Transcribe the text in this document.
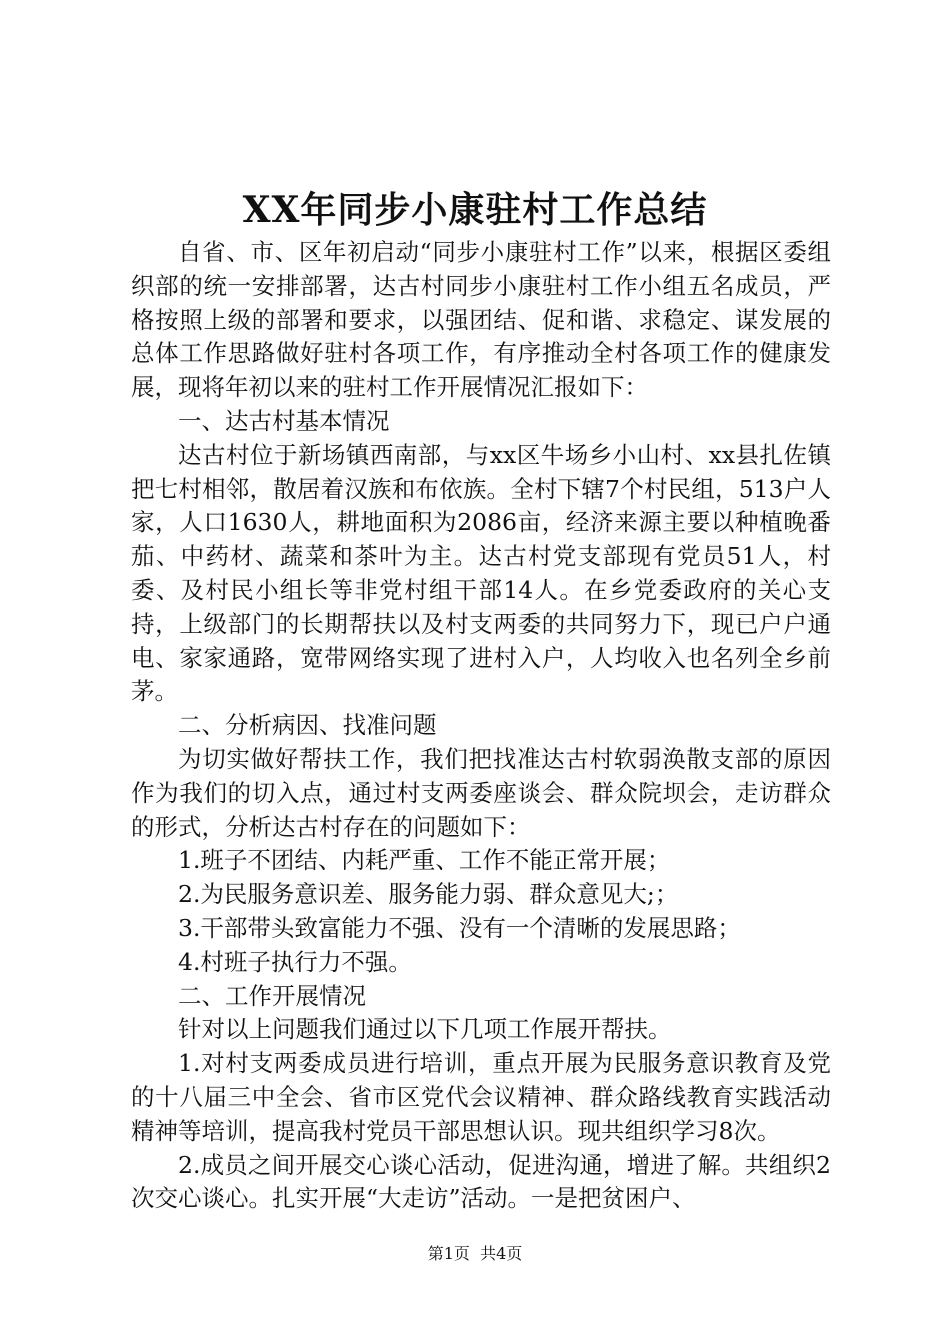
XX年同步小康驻村工作总结

自省、市、区年初启动“同步小康驻村工作”以来，根据区委组织部的统一安排部署，达古村同步小康驻村工作小组五名成员，严格按照上级的部署和要求，以强团结、促和谐、求稳定、谋发展的总体工作思路做好驻村各项工作，有序推动全村各项工作的健康发展，现将年初以来的驻村工作开展情况汇报如下：

一、达古村基本情况

达古村位于新场镇西南部，与xx区牛场乡小山村、xx县扎佐镇把七村相邻，散居着汉族和布依族。全村下辖7个村民组，513户人家，人口1630人，耕地面积为2086亩，经济来源主要以种植晚番茄、中药材、蔬菜和茶叶为主。达古村党支部现有党员51人，村委、及村民小组长等非党村组干部14人。在乡党委政府的关心支持，上级部门的长期帮扶以及村支两委的共同努力下，现已户户通电、家家通路，宽带网络实现了进村入户，人均收入也名列全乡前茅。

二、分析病因、找准问题

为切实做好帮扶工作，我们把找准达古村软弱涣散支部的原因作为我们的切入点，通过村支两委座谈会、群众院坝会，走访群众的形式，分析达古村存在的问题如下：

1.班子不团结、内耗严重、工作不能正常开展；

2.为民服务意识差、服务能力弱、群众意见大;；

3.干部带头致富能力不强、没有一个清晰的发展思路；

4.村班子执行力不强。

二、工作开展情况

针对以上问题我们通过以下几项工作展开帮扶。

1.对村支两委成员进行培训，重点开展为民服务意识教育及党的十八届三中全会、省市区党代会议精神、群众路线教育实践活动精神等培训，提高我村党员干部思想认识。现共组织学习8次。

2.成员之间开展交心谈心活动，促进沟通，增进了解。共组织2次交心谈心。扎实开展“大走访”活动。一是把贫困户、

第1页 共4页
